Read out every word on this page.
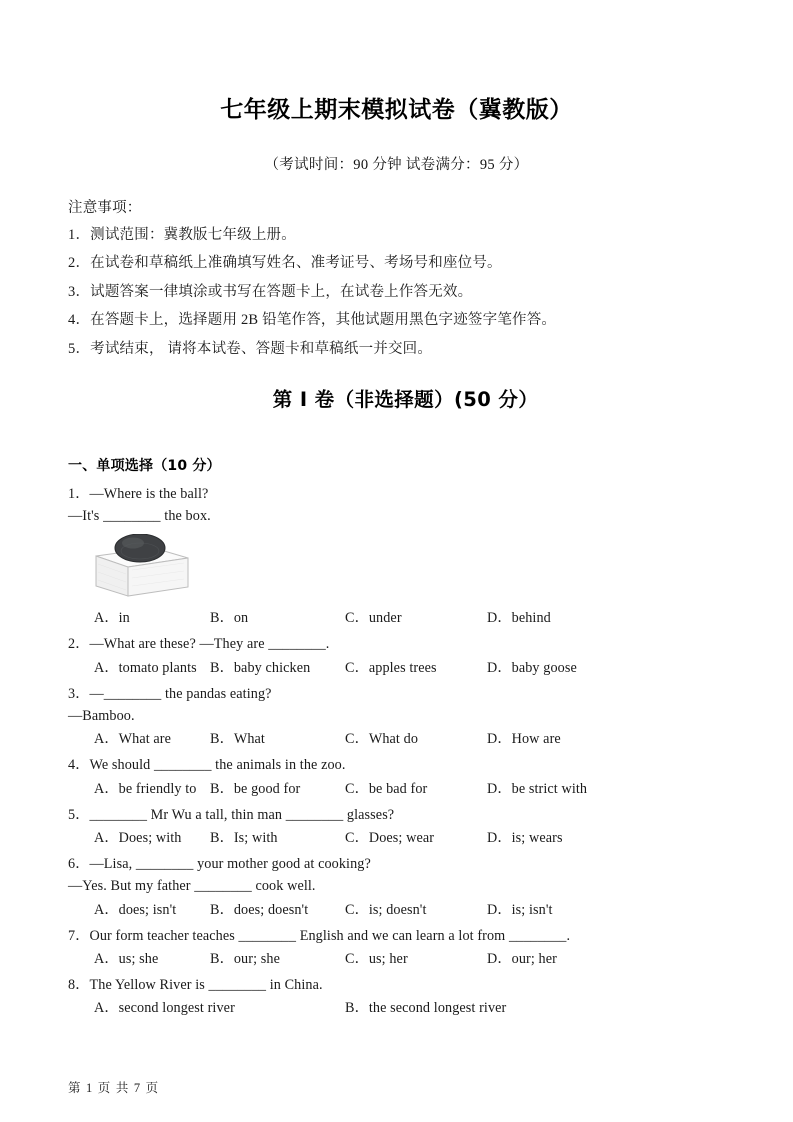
七年级上期末模拟试卷（冀教版）

（考试时间：90 分钟 试卷满分：95 分）

注意事项：

1．测试范围：冀教版七年级上册。

2．在试卷和草稿纸上准确填写姓名、准考证号、考场号和座位号。

3．试题答案一律填涂或书写在答题卡上，在试卷上作答无效。

4．在答题卡上，选择题用 2B 铅笔作答，其他试题用黑色字迹签字笔作答。

5．考试结束， 请将本试卷、答题卡和草稿纸一并交回。

第 I 卷（非选择题）(50 分）
一、单项选择（10 分）

1．—Where is the ball?

—It's ________ the box.

A．in	B．on	C．under	D．behind

2．—What are these? —They are ________.

A．tomato plants B．baby chicken C．apples trees	D．baby goose

3．—________ the pandas eating?

—Bamboo.

A．What are	B．What	C．What do	D．How are

4．We should ________ the animals in the zoo.

A．be friendly to B．be good for	C．be bad for	D．be strict with

5．________ Mr Wu a tall, thin man ________ glasses?

A．Does; with B．Is; with	C．Does; wear	D．is; wears

6．—Lisa, ________ your mother good at cooking?

—Yes. But my father ________ cook well.

A．does; isn't B．does; doesn't	C．is; doesn't	D．is; isn't

7．Our form teacher teaches ________ English and we can learn a lot from ________.

A．us; she	B．our; she	C．us; her	D．our; her

8．The Yellow River is ________ in China.

A．second longest river	B．the second longest river
第 1 页 共 7 页
